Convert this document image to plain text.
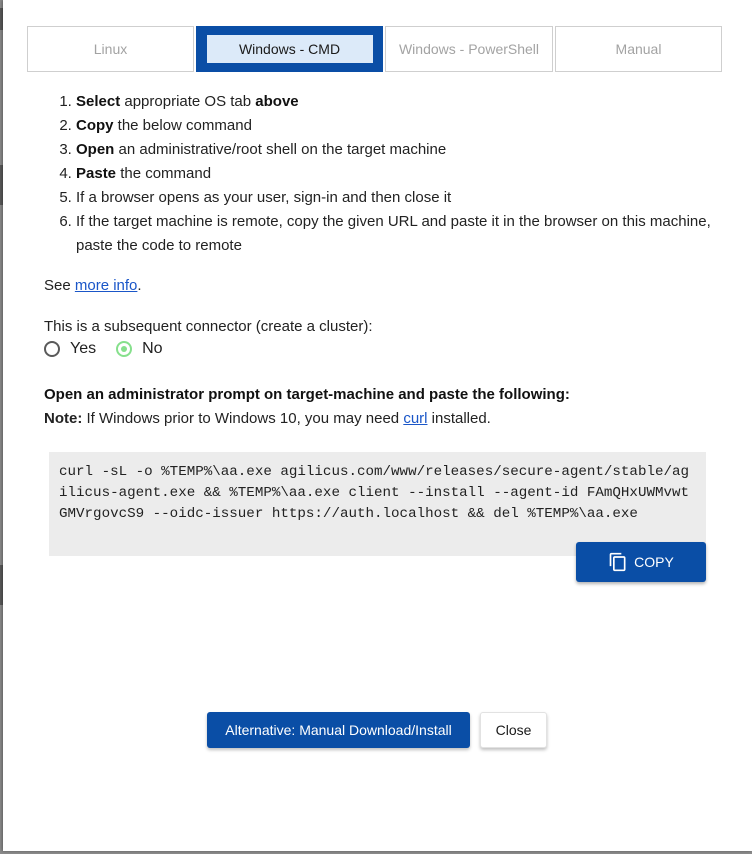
Linux	Windows - CMD	Windows - PowerShell	Manual
1. Select appropriate OS tab above
2. Copy the below command
3. Open an administrative/root shell on the target machine
4. Paste the command
5. If a browser opens as your user, sign-in and then close it
6. If the target machine is remote, copy the given URL and paste it in the browser on this machine, paste the code to remote
See more info.
This is a subsequent connector (create a cluster):
Yes	No
Open an administrator prompt on target-machine and paste the following:
Note: If Windows prior to Windows 10, you may need curl installed.
curl -sL -o %TEMP%\aa.exe agilicus.com/www/releases/secure-agent/stable/agilicus-agent.exe && %TEMP%\aa.exe client --install --agent-id FAmQHxUWMvwtGMVrgovcS9 --oidc-issuer https://auth.localhost && del %TEMP%\aa.exe
COPY
Alternative: Manual Download/Install	Close
